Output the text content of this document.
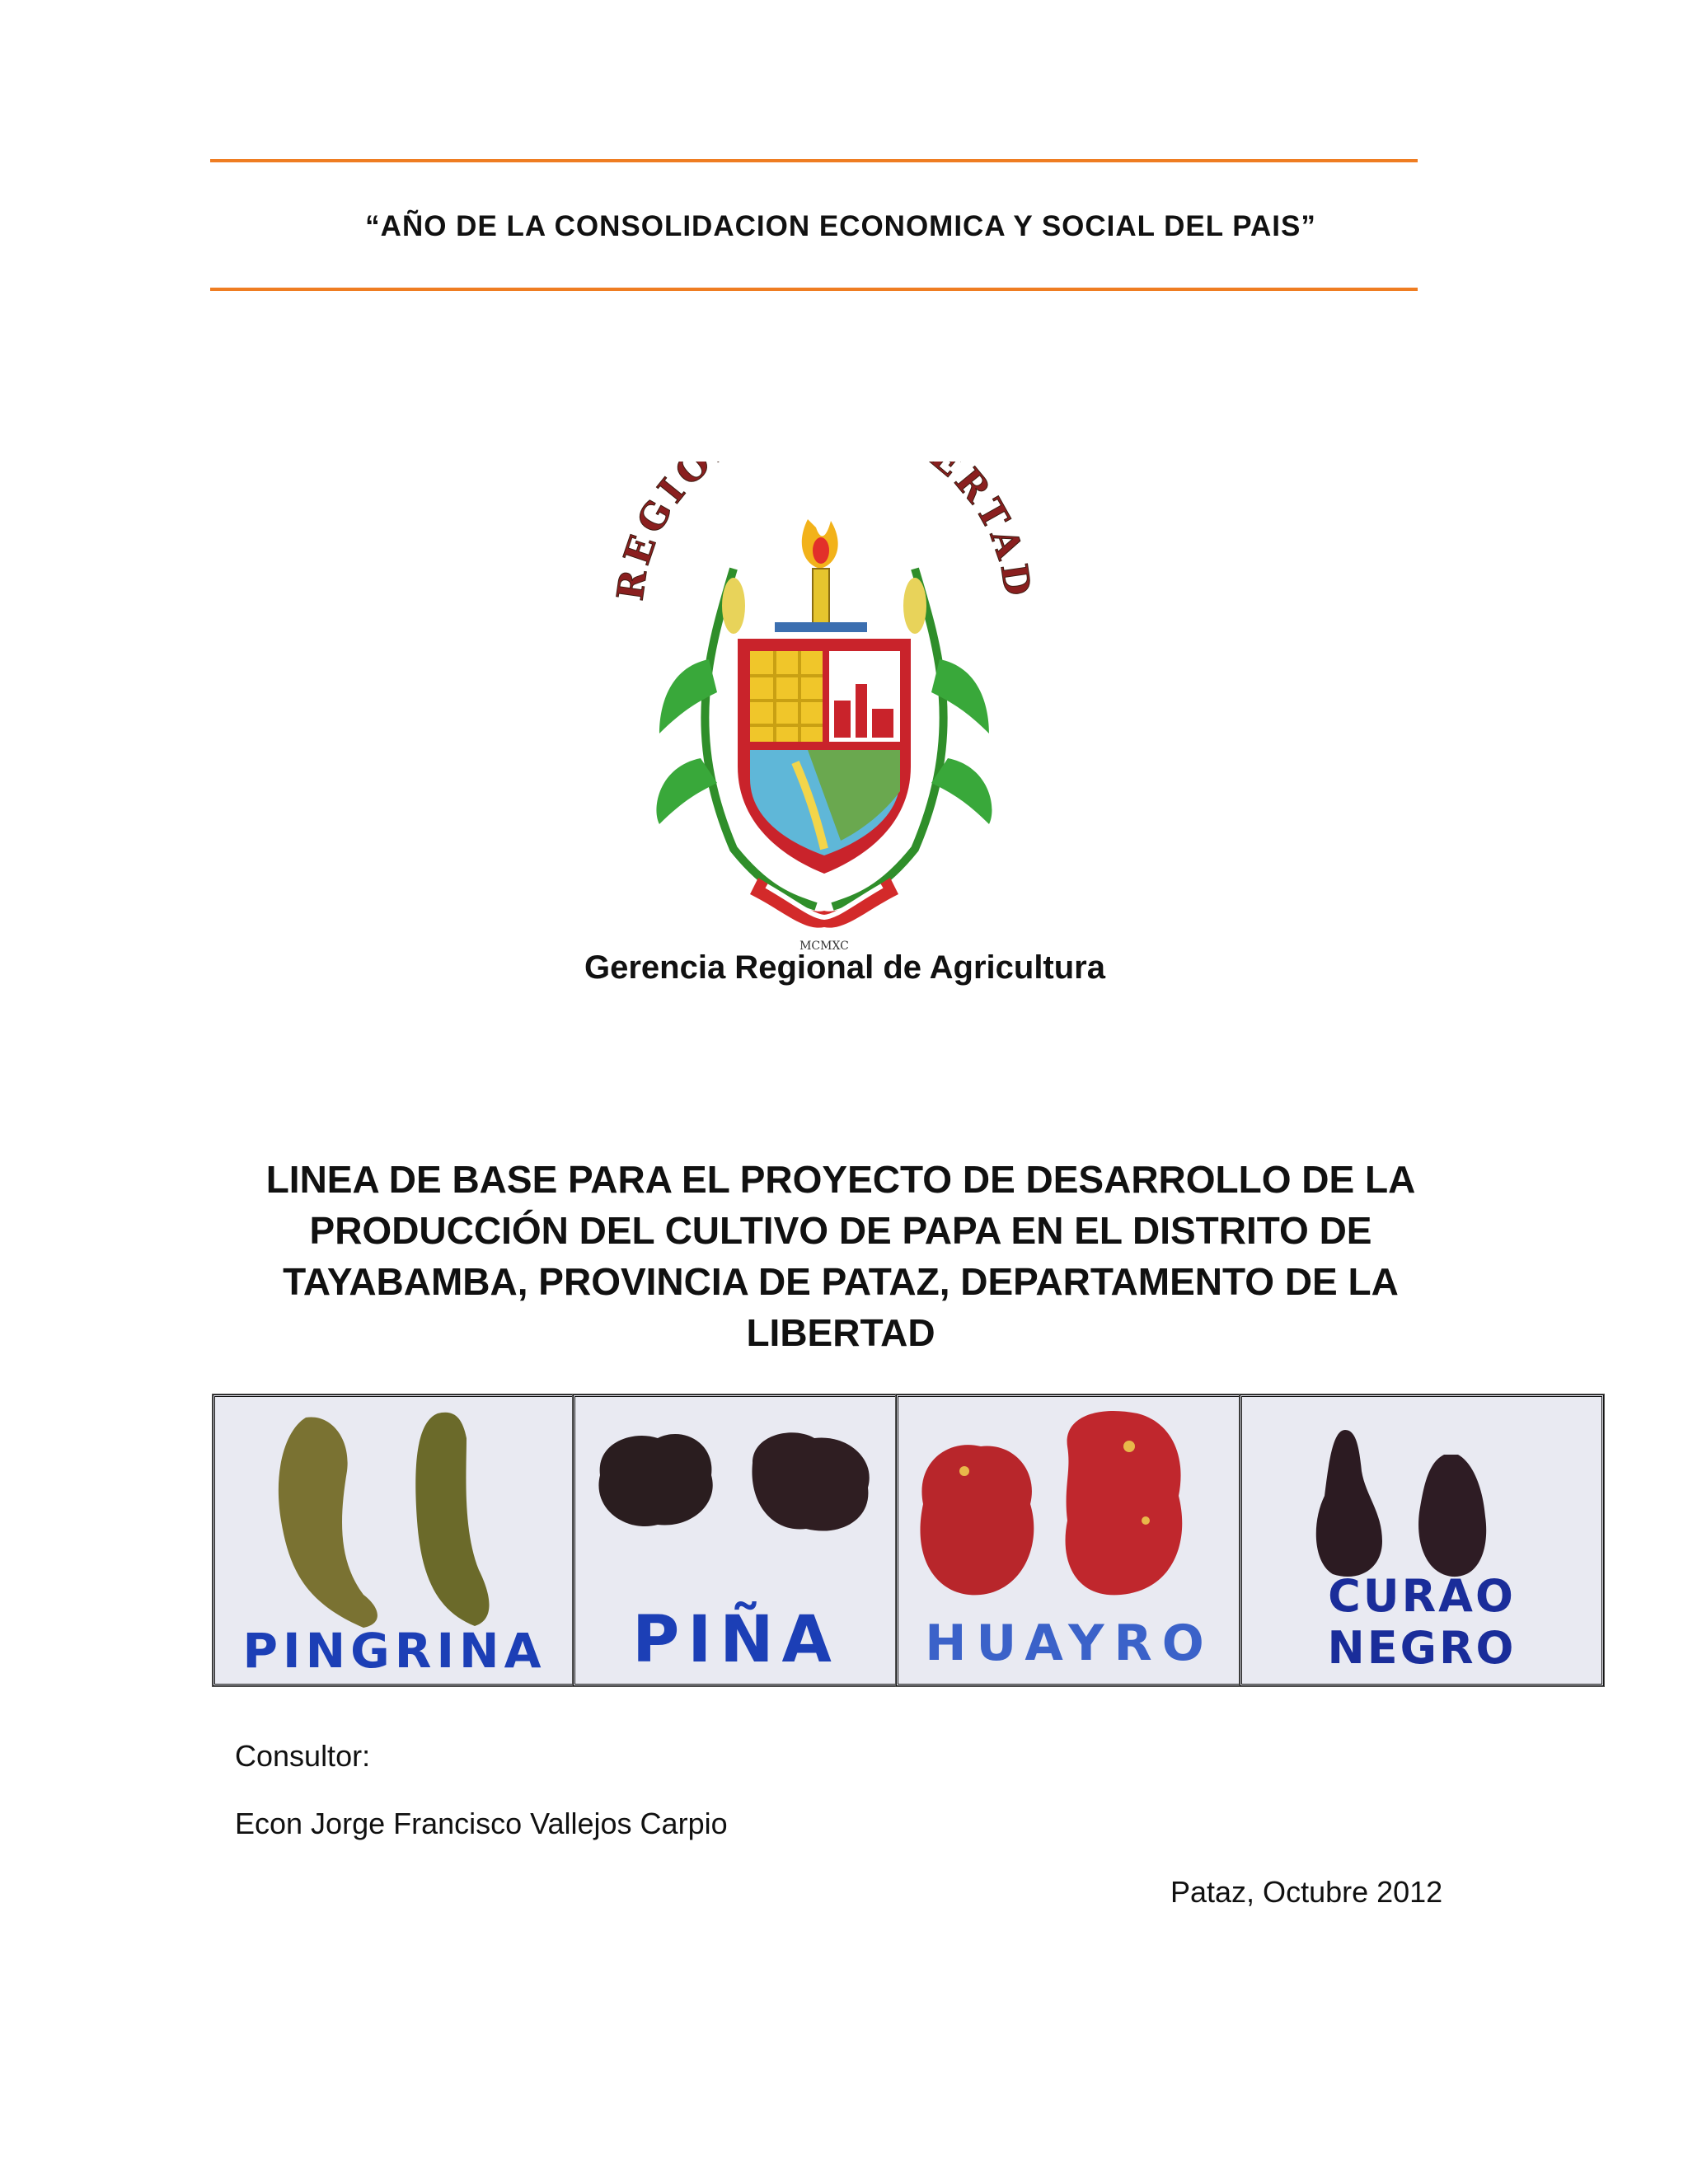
“AÑO DE LA CONSOLIDACION ECONOMICA Y SOCIAL DEL PAIS”
REGIÓ ERTAD
MCMXC
Gerencia Regional de Agricultura
LINEA DE BASE PARA EL PROYECTO DE DESARROLLO DE LA PRODUCCIÓN DEL CULTIVO DE PAPA EN EL DISTRITO DE TAYABAMBA, PROVINCIA DE PATAZ, DEPARTAMENTO DE LA LIBERTAD
PINGRINA	PIÑA	HUAYRO
CURAO NEGRO
Consultor:
Econ Jorge Francisco Vallejos Carpio
Pataz, Octubre 2012
